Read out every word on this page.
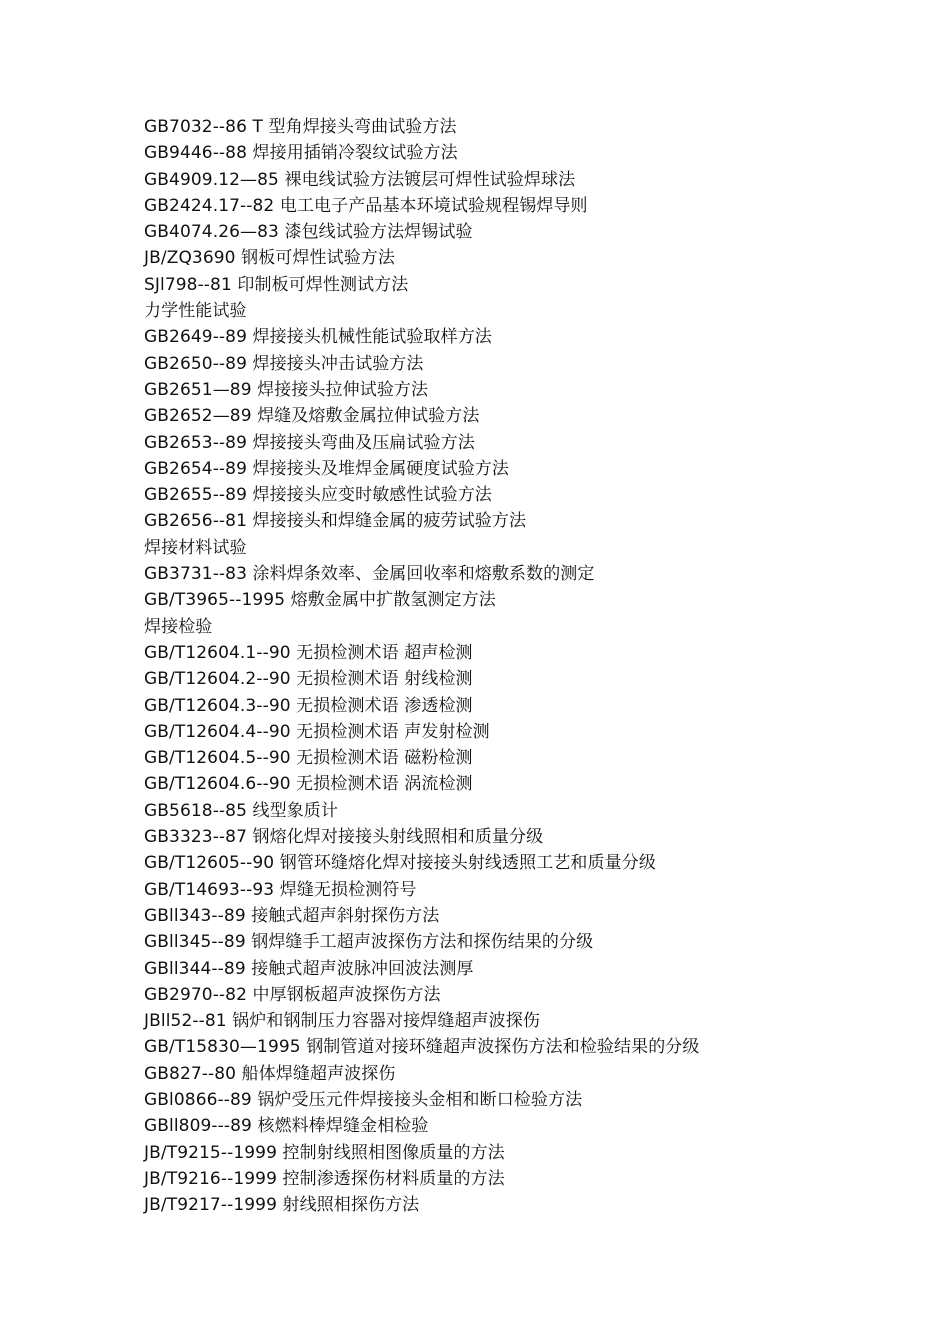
GB7032--86 T 型角焊接头弯曲试验方法
GB9446--88 焊接用插销冷裂纹试验方法
GB4909.12—85 裸电线试验方法镀层可焊性试验焊球法
GB2424.17--82 电工电子产品基本环境试验规程锡焊导则
GB4074.26—83 漆包线试验方法焊锡试验
JB/ZQ3690 钢板可焊性试验方法
SJl798--81 印制板可焊性测试方法
力学性能试验
GB2649--89 焊接接头机械性能试验取样方法
GB2650--89 焊接接头冲击试验方法
GB2651—89 焊接接头拉伸试验方法
GB2652—89 焊缝及熔敷金属拉伸试验方法
GB2653--89 焊接接头弯曲及压扁试验方法
GB2654--89 焊接接头及堆焊金属硬度试验方法
GB2655--89 焊接接头应变时敏感性试验方法
GB2656--81 焊接接头和焊缝金属的疲劳试验方法
焊接材料试验
GB3731--83 涂料焊条效率、金属回收率和熔敷系数的测定
GB/T3965--1995 熔敷金属中扩散氢测定方法
焊接检验
GB/T12604.1--90 无损检测术语 超声检测
GB/T12604.2--90 无损检测术语 射线检测
GB/T12604.3--90 无损检测术语 渗透检测
GB/T12604.4--90 无损检测术语 声发射检测
GB/T12604.5--90 无损检测术语 磁粉检测
GB/T12604.6--90 无损检测术语 涡流检测
GB5618--85 线型象质计
GB3323--87 钢熔化焊对接接头射线照相和质量分级
GB/T12605--90 钢管环缝熔化焊对接接头射线透照工艺和质量分级
GB/T14693--93 焊缝无损检测符号
GBll343--89 接触式超声斜射探伤方法
GBll345--89 钢焊缝手工超声波探伤方法和探伤结果的分级
GBll344--89 接触式超声波脉冲回波法测厚
GB2970--82 中厚钢板超声波探伤方法
JBll52--81 锅炉和钢制压力容器对接焊缝超声波探伤
GB/T15830—1995 钢制管道对接环缝超声波探伤方法和检验结果的分级
GB827--80 船体焊缝超声波探伤
GBl0866--89 锅炉受压元件焊接接头金相和断口检验方法
GBll809---89 核燃料棒焊缝金相检验
JB/T9215--1999 控制射线照相图像质量的方法
JB/T9216--1999 控制渗透探伤材料质量的方法
JB/T9217--1999 射线照相探伤方法
